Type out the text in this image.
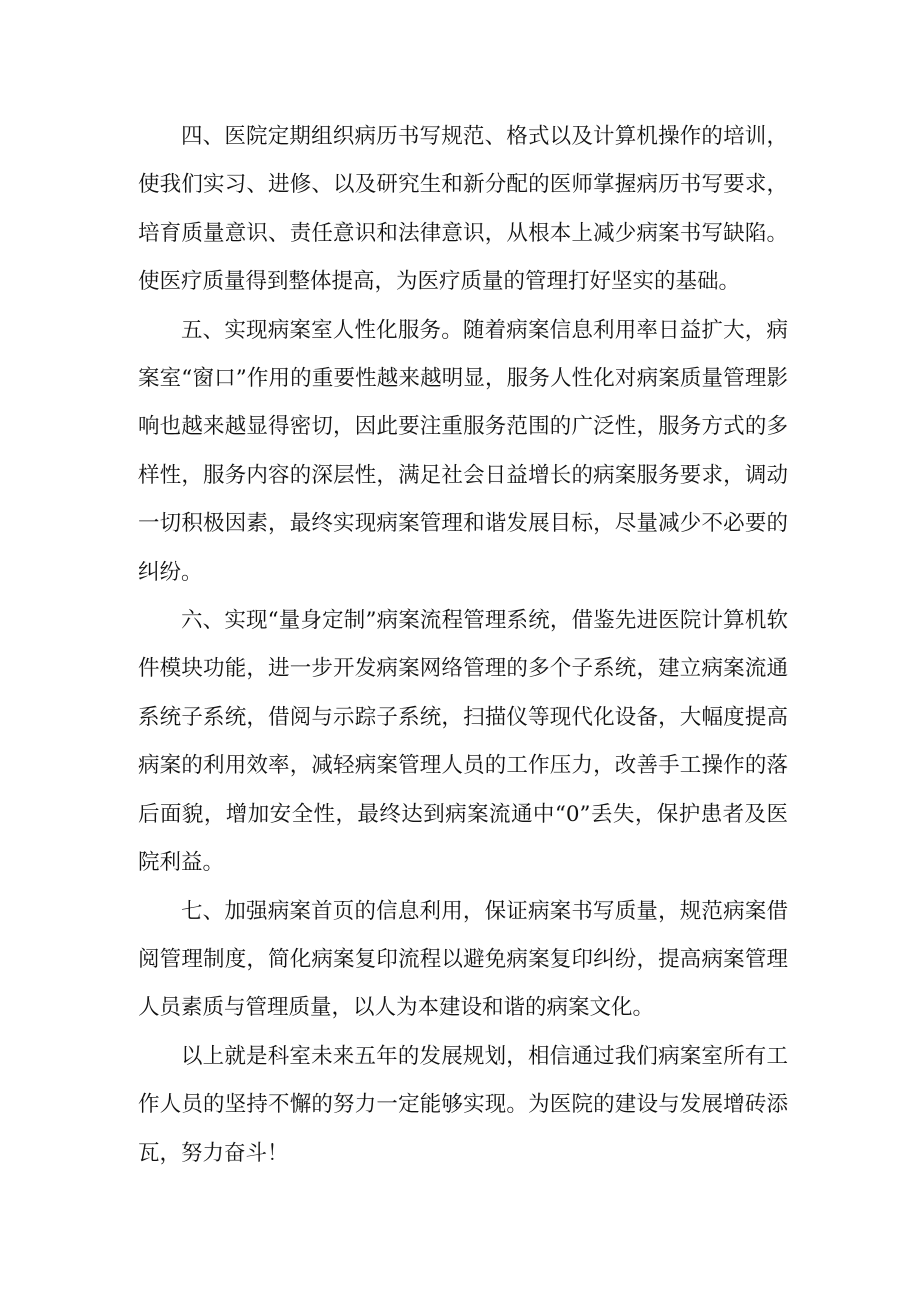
四、医院定期组织病历书写规范、格式以及计算机操作的培训，使我们实习、进修、以及研究生和新分配的医师掌握病历书写要求，培育质量意识、责任意识和法律意识，从根本上减少病案书写缺陷。使医疗质量得到整体提高，为医疗质量的管理打好坚实的基础。

五、实现病案室人性化服务。随着病案信息利用率日益扩大，病案室“窗口”作用的重要性越来越明显，服务人性化对病案质量管理影响也越来越显得密切，因此要注重服务范围的广泛性，服务方式的多样性，服务内容的深层性，满足社会日益增长的病案服务要求，调动一切积极因素，最终实现病案管理和谐发展目标，尽量减少不必要的纠纷。

六、实现“量身定制”病案流程管理系统，借鉴先进医院计算机软件模块功能，进一步开发病案网络管理的多个子系统，建立病案流通系统子系统，借阅与示踪子系统，扫描仪等现代化设备，大幅度提高病案的利用效率，减轻病案管理人员的工作压力，改善手工操作的落后面貌，增加安全性，最终达到病案流通中“0”丢失，保护患者及医院利益。

七、加强病案首页的信息利用，保证病案书写质量，规范病案借阅管理制度，简化病案复印流程以避免病案复印纠纷，提高病案管理人员素质与管理质量，以人为本建设和谐的病案文化。

以上就是科室未来五年的发展规划，相信通过我们病案室所有工作人员的坚持不懈的努力一定能够实现。为医院的建设与发展增砖添瓦，努力奋斗！
